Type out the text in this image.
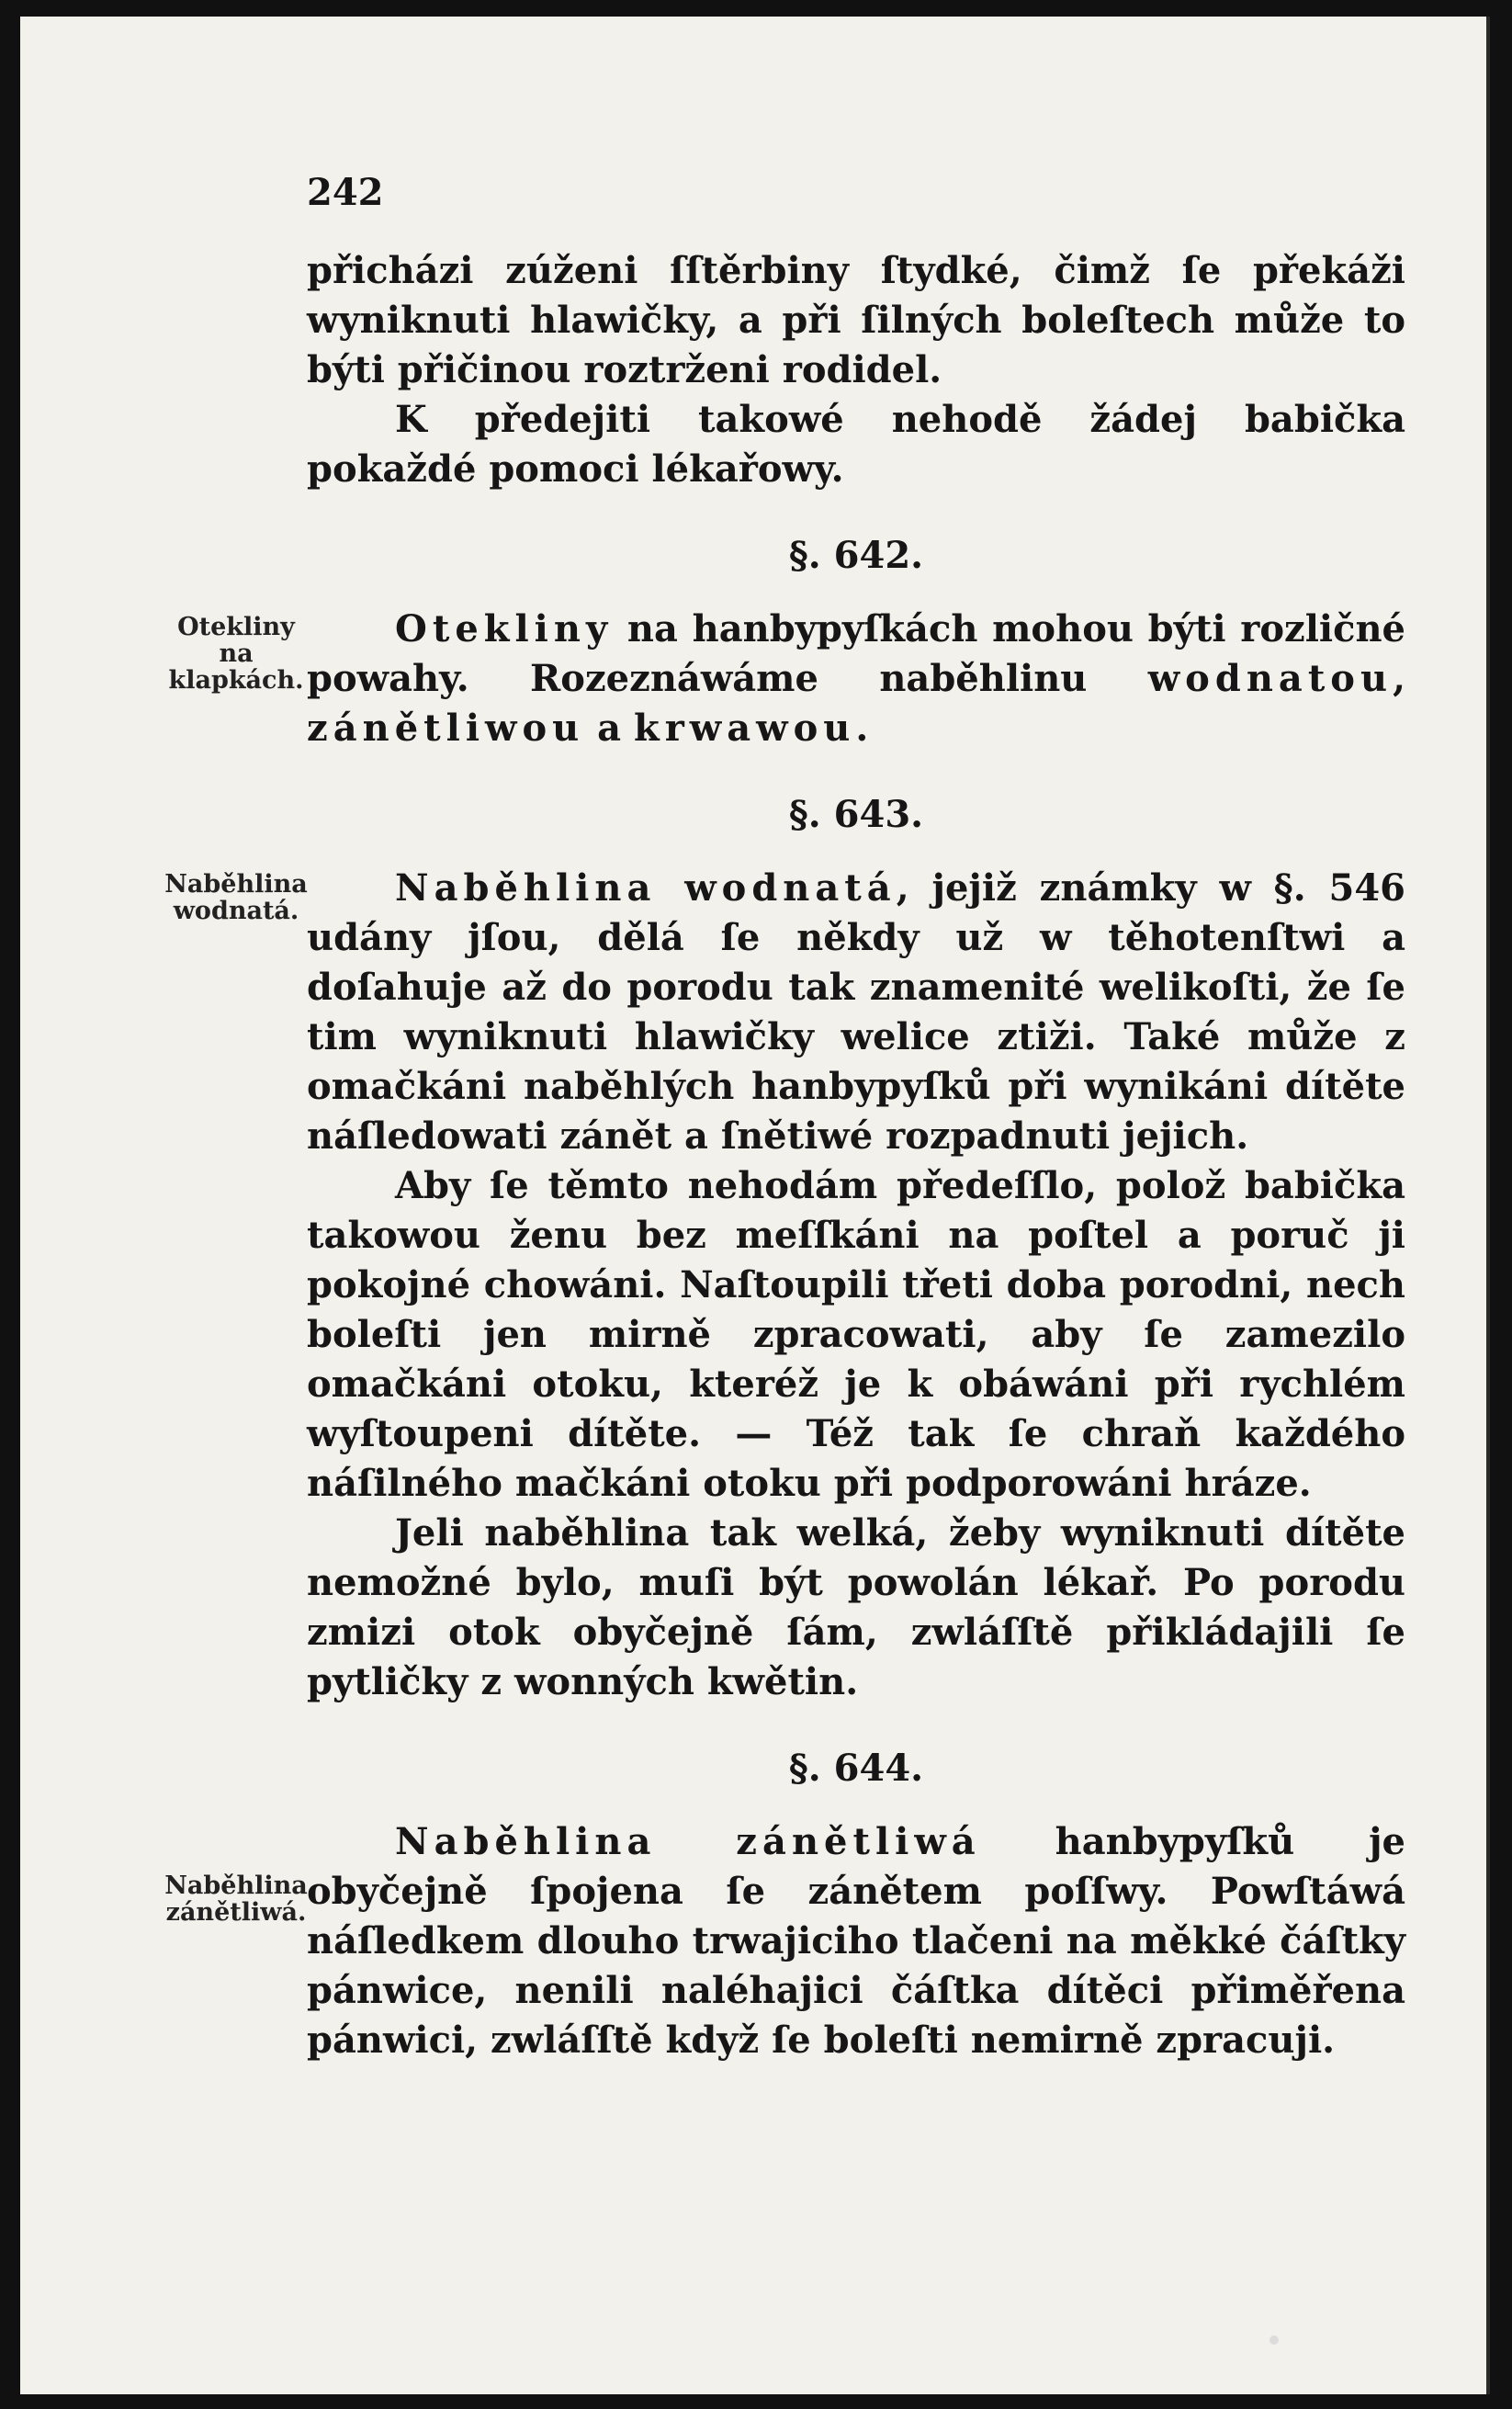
242

Otekliny na klapkách.
Naběhlina wodnatá.
Naběhlina zánětliwá.

přicházi zúženi ſſtěrbiny ſtydké, čimž ſe překáži wyniknuti hlawičky, a při ſilných boleſtech může to býti přičinou roztrženi rodidel.

K předejiti takowé nehodě žádej babička pokaždé pomoci lékařowy.

§. 642.

Otekliny na hanbypyſkách mohou býti rozličné powahy. Rozeznáwáme naběhlinu wodnatou, zánětliwou a krwawou.

§. 643.

Naběhlina wodnatá, jejiž známky w §. 546 udány jſou, dělá ſe někdy už w těhotenſtwi a doſahuje až do porodu tak znamenité welikoſti, že ſe tim wyniknuti hlawičky welice ztiži. Také může z omačkáni naběhlých hanbypyſků při wynikáni dítěte náſledowati zánět a ſnětiwé rozpadnuti jejich.

Aby ſe těmto nehodám předeſſlo, polož babička takowou ženu bez meſſkáni na poſtel a poruč ji pokojné chowáni. Naſtoupili třeti doba porodni, nech boleſti jen mirně zpracowati, aby ſe zamezilo omačkáni otoku, kteréž je k obáwáni při rychlém wyſtoupeni dítěte. — Též tak ſe chraň každého náſilného mačkáni otoku při podporowáni hráze.

Jeli naběhlina tak welká, žeby wyniknuti dítěte nemožné bylo, muſi být powolán lékař. Po porodu zmizi otok obyčejně ſám, zwláſſtě přikládajili ſe pytličky z wonných kwětin.

§. 644.

Naběhlina zánětliwá hanbypyſků je obyčejně ſpojena ſe zánětem poſſwy. Powſtáwá náſledkem dlouho trwajiciho tlačeni na měkké čáſtky pánwice, nenili naléhajici čáſtka dítěci přiměřena pánwici, zwláſſtě když ſe boleſti nemirně zpracuji.
